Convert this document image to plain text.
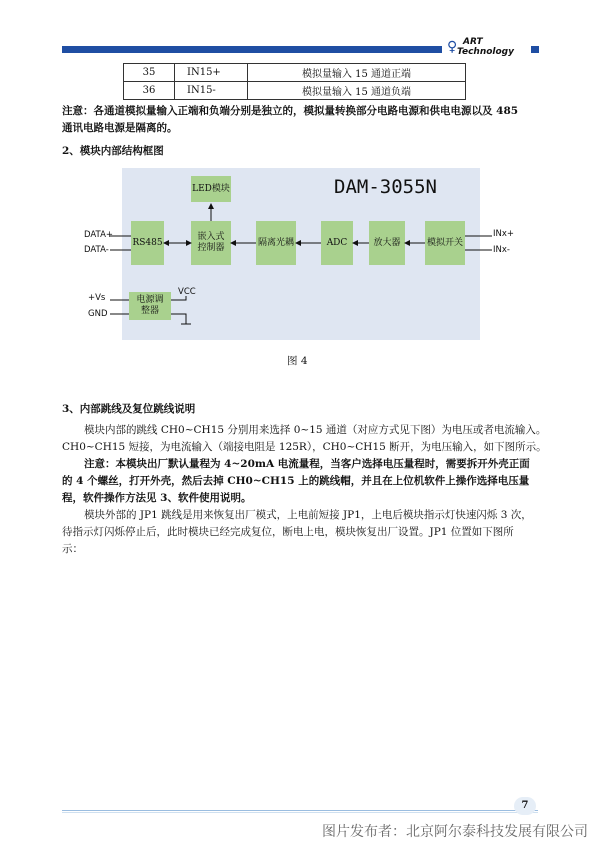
♀ ART
Technology
35	IN15+	模拟量输入 15 通道正端
36	IN15-	模拟量输入 15 通道负端
注意：各通道模拟量输入正端和负端分别是独立的，模拟量转换部分电路电源和供电电源以及 485
通讯电路电源是隔离的。
2、模块内部结构框图
DAM-3055N
LED模块
RS485
嵌入式
控制器
隔离光耦	ADC	放大器	模拟开关
电源调
整器
VCC
DATA+
DATA-
+Vs
GND
INx+
INx-
图 4
3、内部跳线及复位跳线说明
模块内部的跳线 CH0~CH15 分别用来选择 0~15 通道（对应方式见下图）为电压或者电流输入。
CH0~CH15 短接，为电流输入（端接电阻是 125R），CH0~CH15 断开，为电压输入，如下图所示。
注意：本模块出厂默认量程为 4~20mA 电流量程，当客户选择电压量程时，需要拆开外壳正面
的 4 个螺丝，打开外壳，然后去掉 CH0~CH15 上的跳线帽，并且在上位机软件上操作选择电压量
程，软件操作方法见 3、软件使用说明。
模块外部的 JP1 跳线是用来恢复出厂模式，上电前短接 JP1，上电后模块指示灯快速闪烁 3 次，
待指示灯闪烁停止后，此时模块已经完成复位，断电上电，模块恢复出厂设置。JP1 位置如下图所
示：
7
图片发布者：北京阿尔泰科技发展有限公司
